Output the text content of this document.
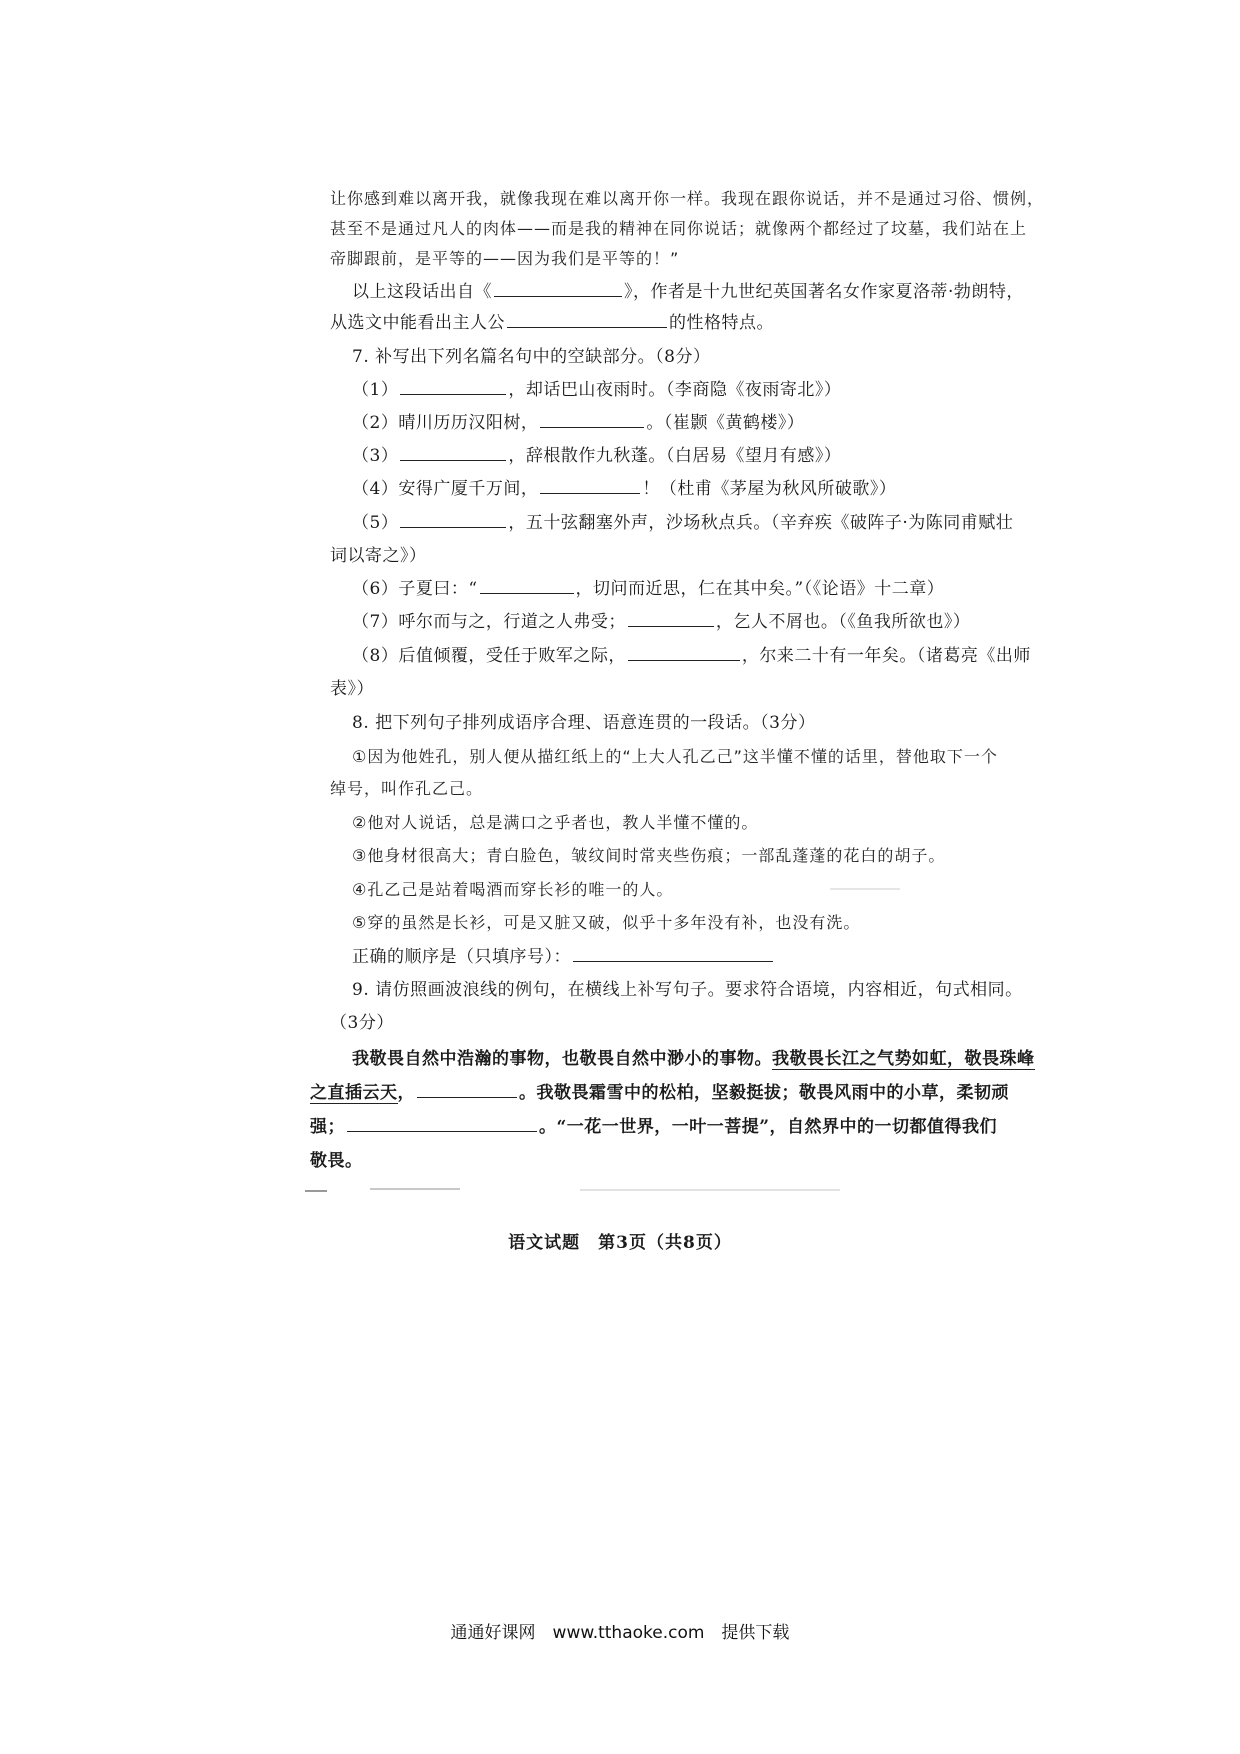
让你感到难以离开我，就像我现在难以离开你一样。我现在跟你说话，并不是通过习俗、惯例，
甚至不是通过凡人的肉体——而是我的精神在同你说话；就像两个都经过了坟墓，我们站在上
帝脚跟前，是平等的——因为我们是平等的！”
以上这段话出自《	》，作者是十九世纪英国著名女作家夏洛蒂·勃朗特，
从选文中能看出主人公	的性格特点。
7. 补写出下列名篇名句中的空缺部分。（8分）
（1）	，却话巴山夜雨时。（李商隐《夜雨寄北》）
（2）晴川历历汉阳树，	。（崔颢《黄鹤楼》）
（3）	，辞根散作九秋蓬。（白居易《望月有感》）
（4）安得广厦千万间，	！（杜甫《茅屋为秋风所破歌》）
（5）	，五十弦翻塞外声，沙场秋点兵。（辛弃疾《破阵子·为陈同甫赋壮
词以寄之》）
（6）子夏曰：“	，切问而近思，仁在其中矣。”（《论语》十二章）
（7）呼尔而与之，行道之人弗受；	，乞人不屑也。（《鱼我所欲也》）
（8）后值倾覆，受任于败军之际，	，尔来二十有一年矣。（诸葛亮《出师
表》）
8. 把下列句子排列成语序合理、语意连贯的一段话。（3分）
①因为他姓孔，别人便从描红纸上的“上大人孔乙己”这半懂不懂的话里，替他取下一个
绰号，叫作孔乙己。
②他对人说话，总是满口之乎者也，教人半懂不懂的。
③他身材很高大；青白脸色，皱纹间时常夹些伤痕；一部乱蓬蓬的花白的胡子。
④孔乙己是站着喝酒而穿长衫的唯一的人。
⑤穿的虽然是长衫，可是又脏又破，似乎十多年没有补，也没有洗。
正确的顺序是（只填序号）：
9. 请仿照画波浪线的例句，在横线上补写句子。要求符合语境，内容相近，句式相同。
（3分）
我敬畏自然中浩瀚的事物，也敬畏自然中渺小的事物。我敬畏长江之气势如虹，敬畏珠峰
之直插云天，	。我敬畏霜雪中的松柏，坚毅挺拔；敬畏风雨中的小草，柔韧顽
强；	。“一花一世界，一叶一菩提”，自然界中的一切都值得我们
敬畏。
语文试题　第3页（共8页）
通通好课网　www.tthaoke.com　提供下载
